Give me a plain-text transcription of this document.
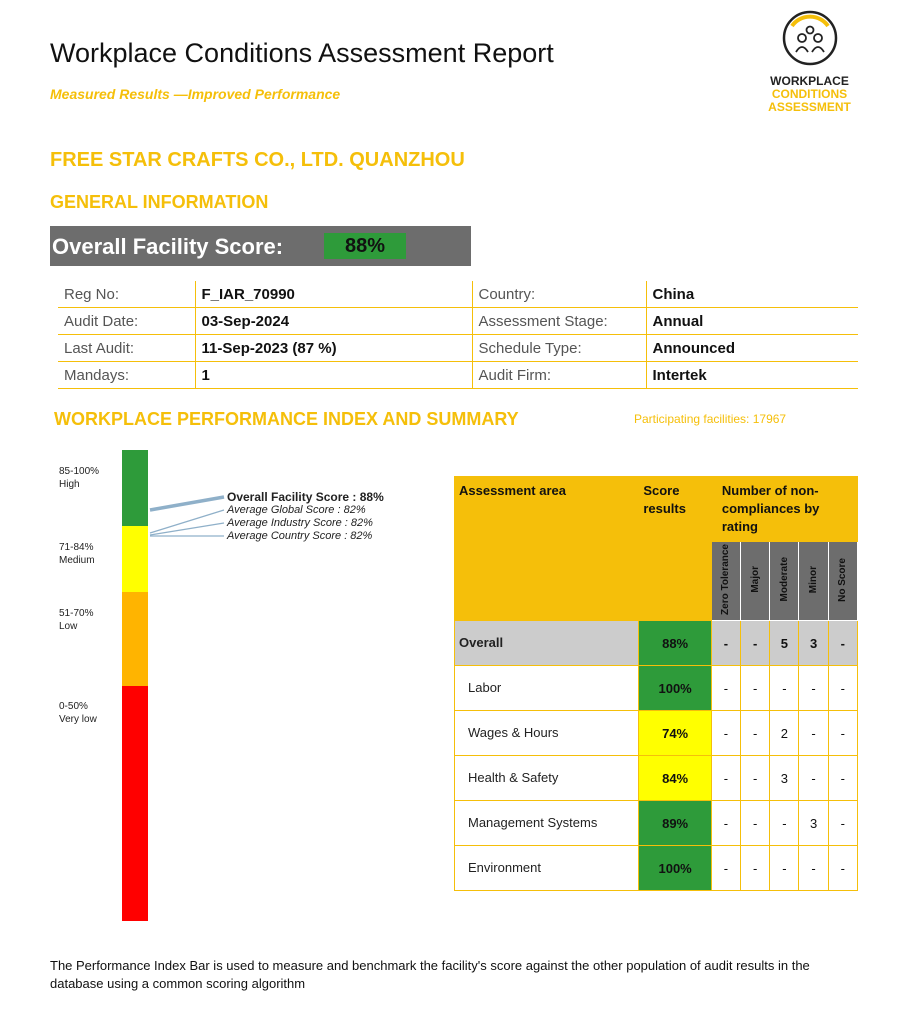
Workplace Conditions Assessment Report
Measured Results —Improved Performance
WORKPLACE
CONDITIONS
ASSESSMENT
FREE STAR CRAFTS CO., LTD. QUANZHOU
GENERAL INFORMATION
Overall Facility Score:	88%
Reg No:	F_IAR_70990	Country:	China
Audit Date:	03-Sep-2024	Assessment Stage:	Annual
Last Audit:	11-Sep-2023 (87 %)	Schedule Type:	Announced
Mandays:	1	Audit Firm:	Intertek
WORKPLACE PERFORMANCE INDEX AND SUMMARY	Participating facilities: 17967
85-100%
High
71-84%
Medium
51-70%
Low
0-50%
Very low
Overall Facility Score : 88%
Average Global Score : 82%
Average Industry Score : 82%
Average Country Score : 82%
Assessment area	Score results	Number of non-compliances by rating				
		Zero Tolerance	Major	Moderate	Minor	No Score
Overall	88%	-	-	5	3	-
Labor	100%	-	-	-	-	-
Wages & Hours	74%	-	-	2	-	-
Health & Safety	84%	-	-	3	-	-
Management Systems	89%	-	-	-	3	-
Environment	100%	-	-	-	-	-
The Performance Index Bar is used to measure and benchmark the facility's score against the other population of audit results in the database using a common scoring algorithm
